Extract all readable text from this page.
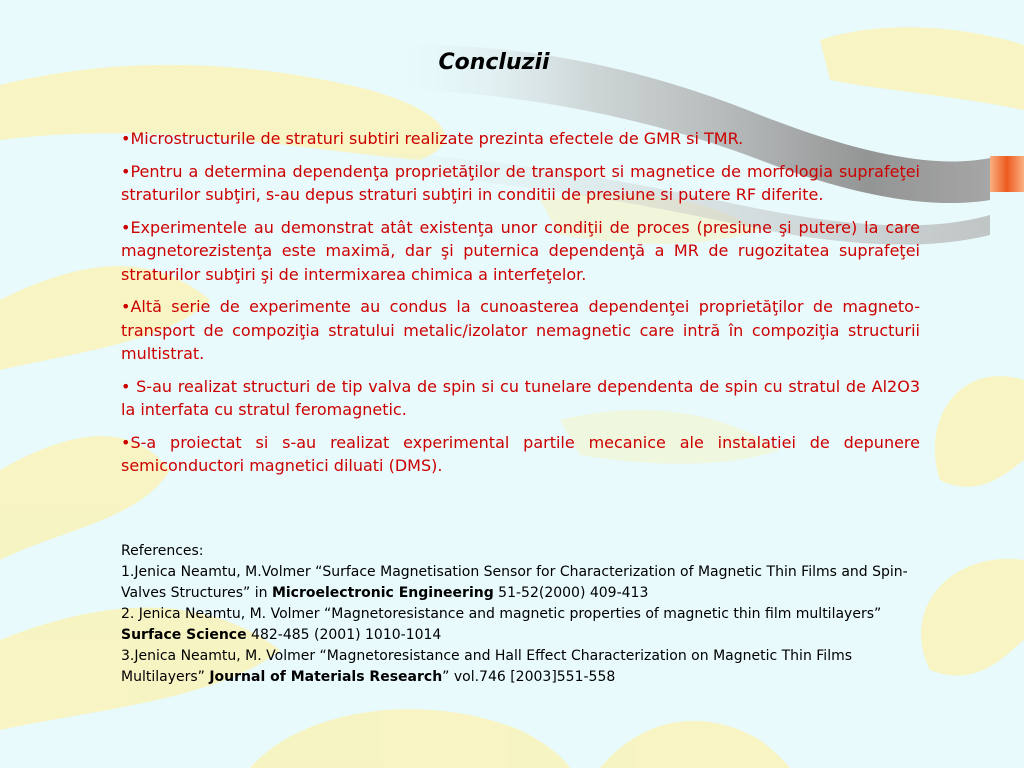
Concluzii

•Microstructurile de straturi subtiri realizate prezinta efectele de GMR si TMR.

•Pentru a determina dependenţa proprietăţilor de transport si magnetice de morfologia suprafeţei straturilor subţiri, s-au depus straturi subţiri in conditii de presiune si putere RF diferite.

•Experimentele au demonstrat atât existenţa unor condiţii de proces (presiune şi putere) la care magnetorezistenţa este maximă, dar şi puternica dependenţă a MR de rugozitatea suprafeţei straturilor subţiri şi de intermixarea chimica a interfeţelor.

•Altă serie de experimente au condus la cunoasterea dependenţei proprietăţilor de magneto-transport de compoziţia stratului metalic/izolator nemagnetic care intră în compoziţia structurii multistrat.

• S-au realizat structuri de tip valva de spin si cu tunelare dependenta de spin cu stratul de Al2O3 la interfata cu stratul feromagnetic.

•S-a proiectat si s-au realizat experimental partile mecanice ale instalatiei de depunere semiconductori magnetici diluati (DMS).

References:
1.Jenica Neamtu, M.Volmer “Surface Magnetisation Sensor for Characterization of Magnetic Thin Films and Spin-Valves Structures” in Microelectronic Engineering 51-52(2000) 409-413
2. Jenica Neamtu, M. Volmer “Magnetoresistance and magnetic properties of magnetic thin film multilayers” Surface Science 482-485 (2001) 1010-1014
3.Jenica Neamtu, M. Volmer “Magnetoresistance and Hall Effect Characterization on Magnetic Thin Films Multilayers” Journal of Materials Research” vol.746 [2003]551-558
